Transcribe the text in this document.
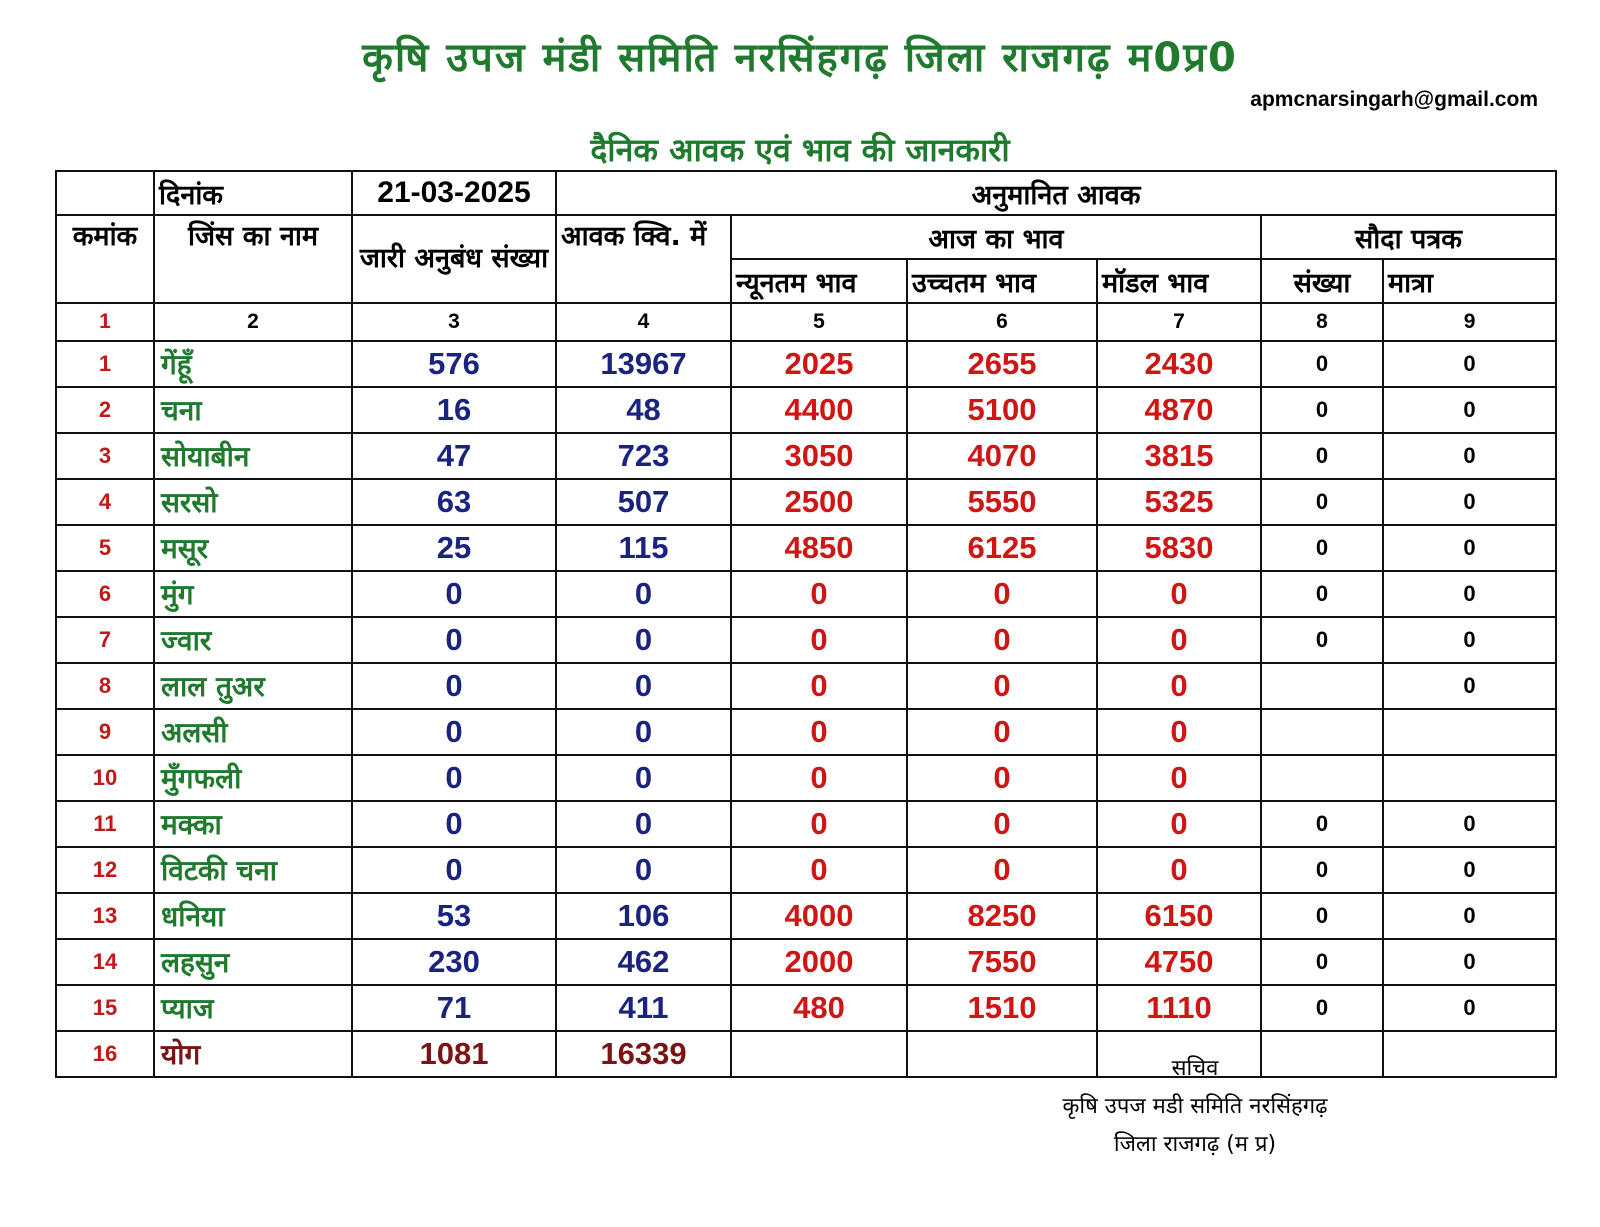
कृषि उपज मंडी समिति नरसिंहगढ़ जिला राजगढ़ म0प्र0
apmcnarsingarh@gmail.com
दैनिक आवक एवं भाव की जानकारी
	दिनांक	21-03-2025	अनुमानित आवक					
कमांक	जिंस का नाम	जारी अनुबंध संख्या	आवक क्वि. में	आज का भाव			सौदा पत्रक	
				न्यूनतम भाव	उच्चतम भाव	मॉडल भाव	संख्या	मात्रा
1	2	3	4	5	6	7	8	9
1	गेंहूँ	576	13967	2025	2655	2430	0	0
2	चना	16	48	4400	5100	4870	0	0
3	सोयाबीन	47	723	3050	4070	3815	0	0
4	सरसो	63	507	2500	5550	5325	0	0
5	मसूर	25	115	4850	6125	5830	0	0
6	मुंग	0	0	0	0	0	0	0
7	ज्वार	0	0	0	0	0	0	0
8	लाल तुअर	0	0	0	0	0		0
9	अलसी	0	0	0	0	0		
10	मुँगफली	0	0	0	0	0		
11	मक्का	0	0	0	0	0	0	0
12	विटकी चना	0	0	0	0	0	0	0
13	धनिया	53	106	4000	8250	6150	0	0
14	लहसुन	230	462	2000	7550	4750	0	0
15	प्याज	71	411	480	1510	1110	0	0
16	योग	1081	16339						सचिव
कृषि उपज मडी समिति नरसिंहगढ़
जिला राजगढ़ (म प्र)
